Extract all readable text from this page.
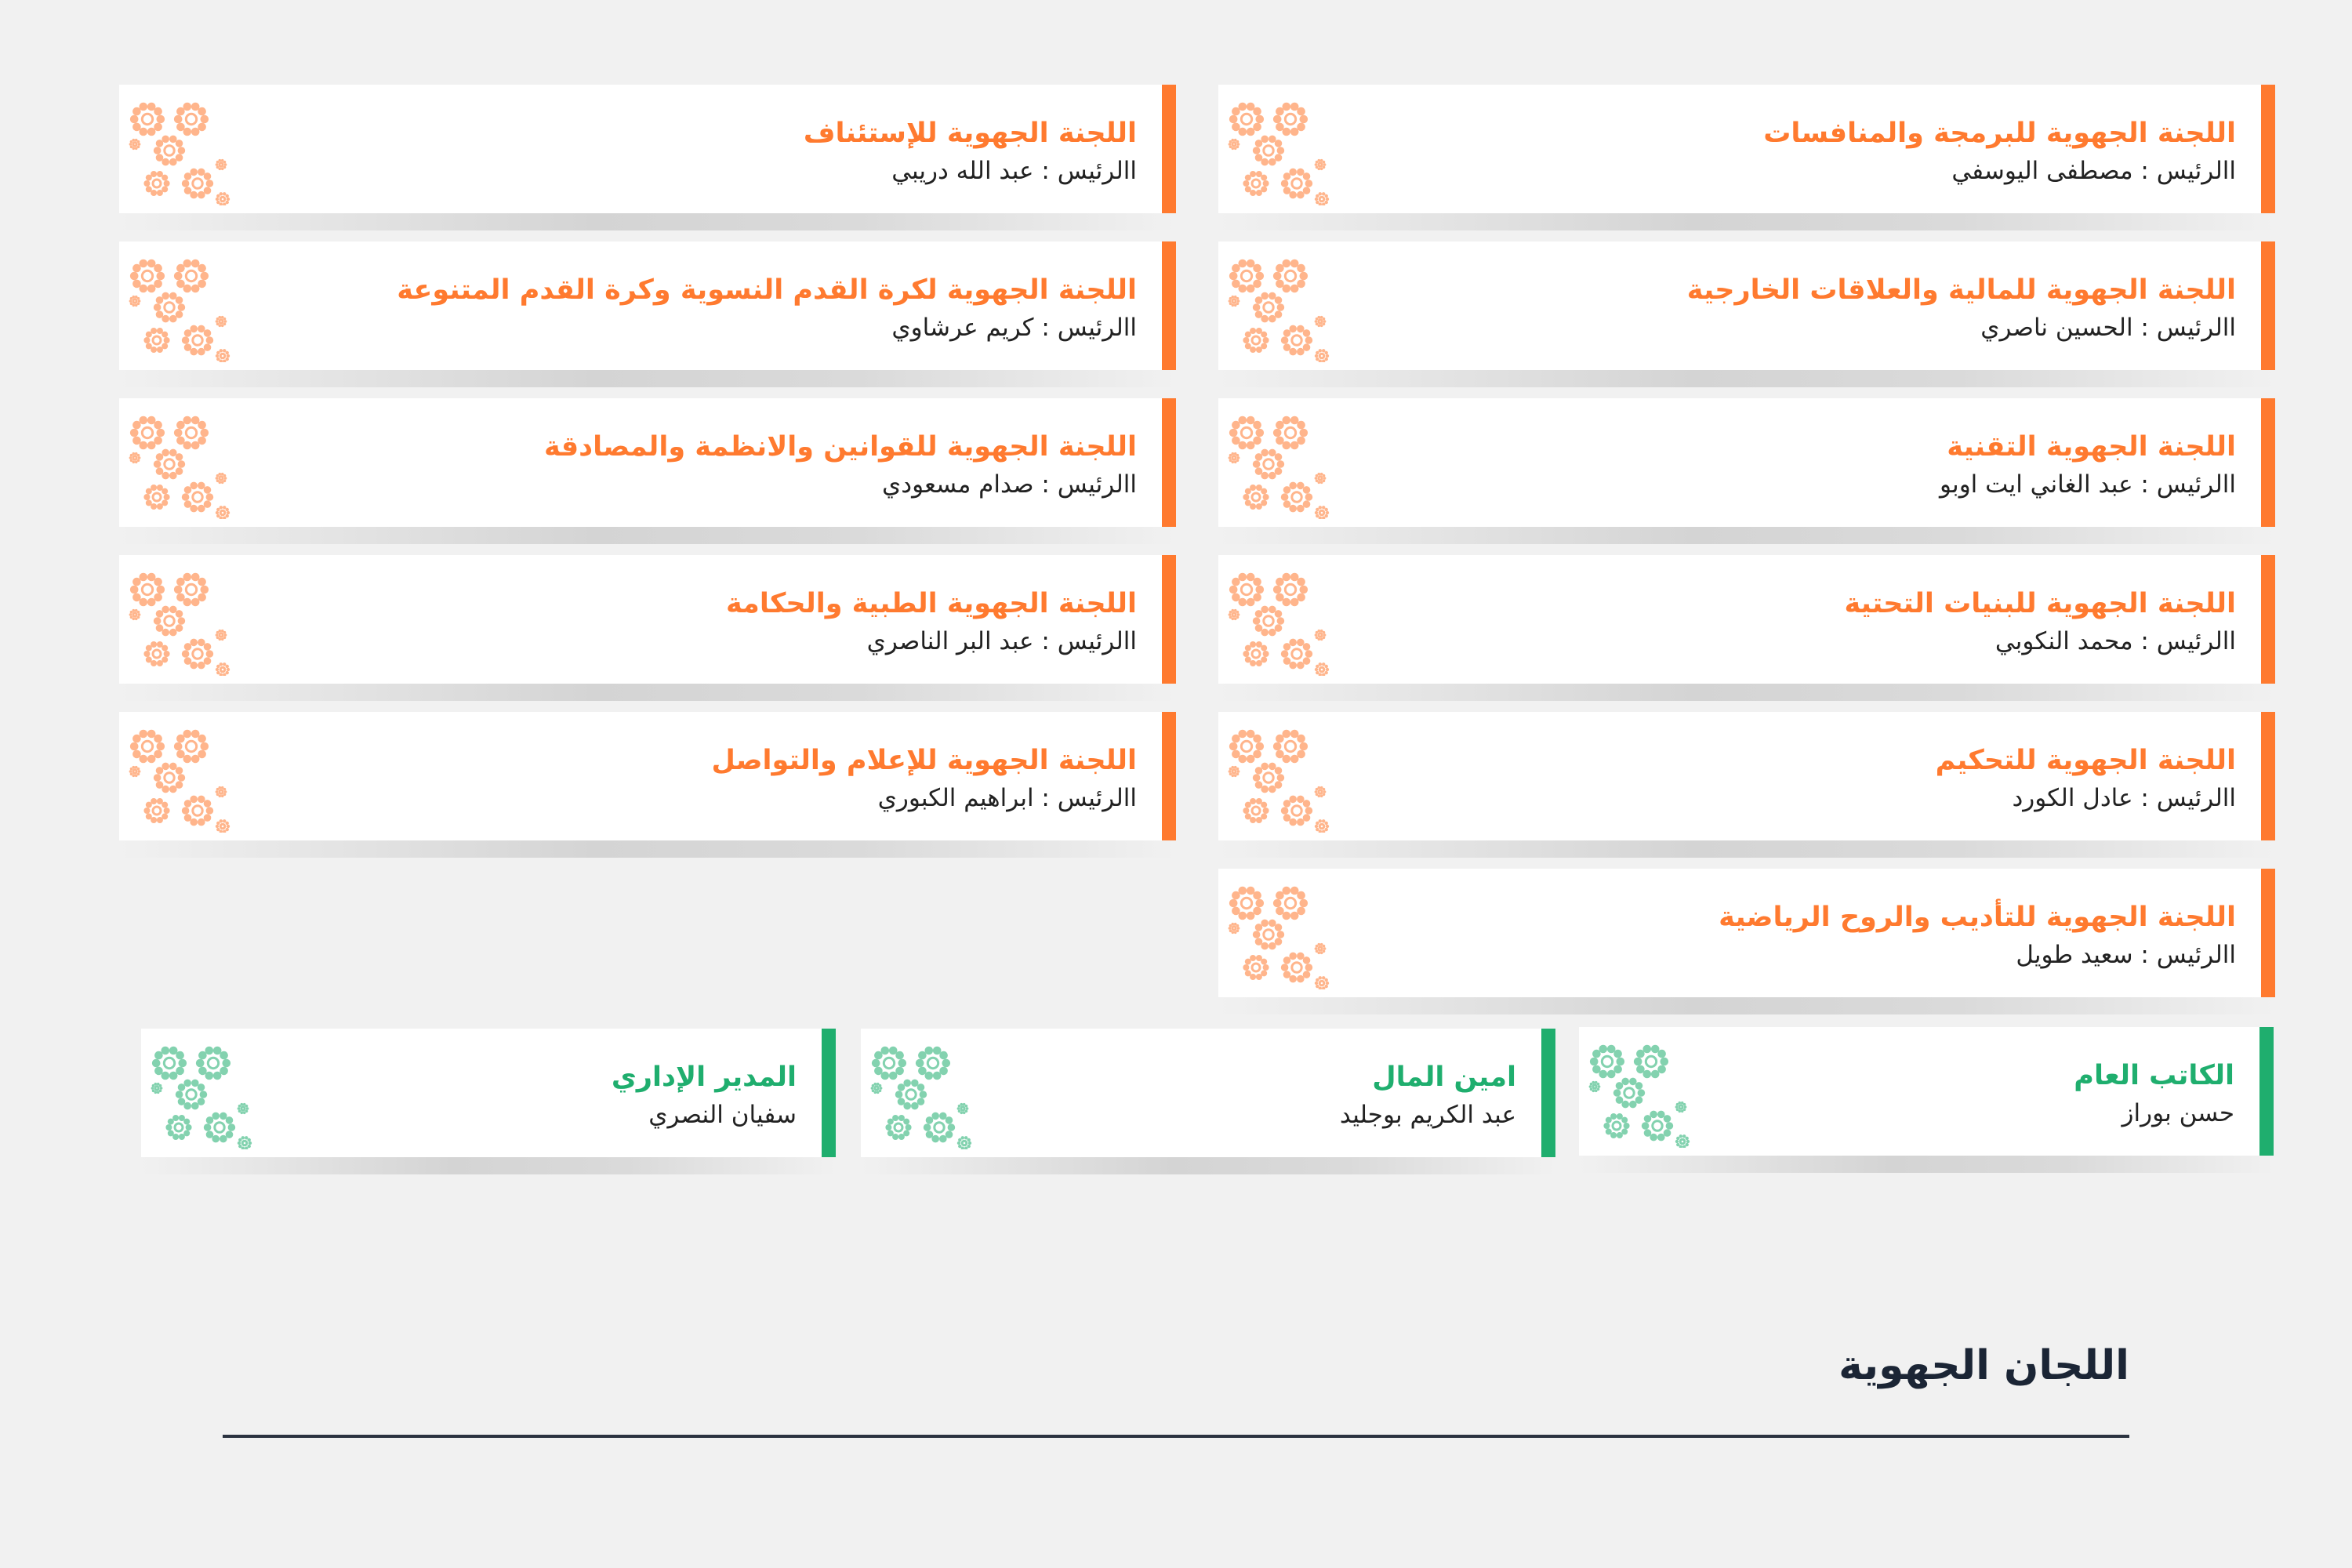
اللجنة الجهوية للبرمجة والمنافسات
االرئيس : مصطفى اليوسفي
اللجنة الجهوية للإستئناف
االرئيس : عبد الله دريبي
اللجنة الجهوية للمالية والعلاقات الخارجية
االرئيس : الحسين ناصري
اللجنة الجهوية لكرة القدم النسوية وكرة القدم المتنوعة
االرئيس : كريم عرشاوي
اللجنة الجهوية التقنية
االرئيس : عبد الغاني ايت اوبو
اللجنة الجهوية للقوانين والانظمة والمصادقة
االرئيس : صدام مسعودي
اللجنة الجهوية للبنيات التحتية
االرئيس : محمد النكوبي
اللجنة الجهوية الطبية والحكامة
االرئيس : عبد البر الناصري
اللجنة الجهوية للتحكيم
االرئيس : عادل الكورد
اللجنة الجهوية للإعلام والتواصل
االرئيس : ابراهيم الكبوري
اللجنة الجهوية للتأديب والروح الرياضية
االرئيس : سعيد طويل
الكاتب العام
حسن بوراز
امين المال
عبد الكريم بوجليد
المدير الإداري
سفيان النصري
اللجان الجهوية
